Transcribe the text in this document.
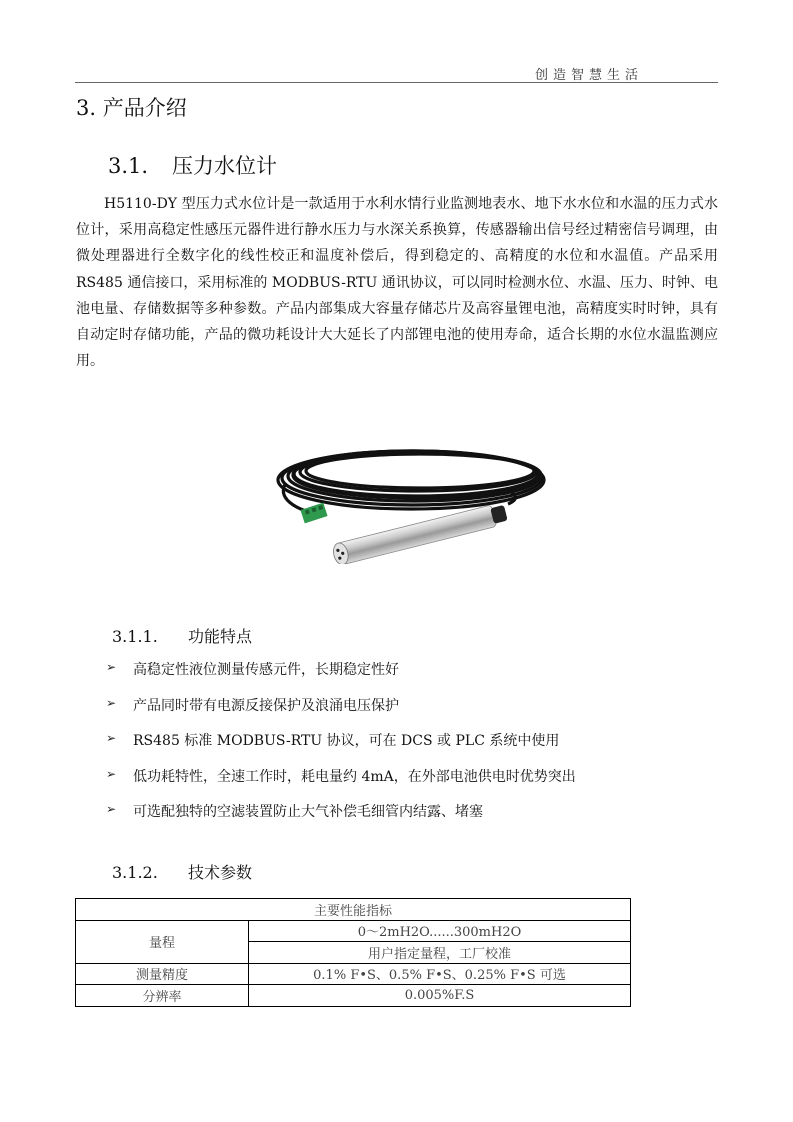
创造智慧生活
3. 产品介绍
3.1. 压力水位计

H5110-DY 型压力式水位计是一款适用于水利水情行业监测地表水、地下水水位和水温的压力式水位计，采用高稳定性感压元器件进行静水压力与水深关系换算，传感器输出信号经过精密信号调理，由微处理器进行全数字化的线性校正和温度补偿后，得到稳定的、高精度的水位和水温值。产品采用 RS485 通信接口，采用标准的 MODBUS-RTU 通讯协议，可以同时检测水位、水温、压力、时钟、电池电量、存储数据等多种参数。产品内部集成大容量存储芯片及高容量锂电池，高精度实时时钟，具有自动定时存储功能，产品的微功耗设计大大延长了内部锂电池的使用寿命，适合长期的水位水温监测应用。

3.1.1. 功能特点
➢	高稳定性液位测量传感元件，长期稳定性好
➢	产品同时带有电源反接保护及浪涌电压保护
➢	RS485 标准 MODBUS-RTU 协议，可在 DCS 或 PLC 系统中使用
➢	低功耗特性，全速工作时，耗电量约 4mA，在外部电池供电时优势突出
➢	可选配独特的空滤装置防止大气补偿毛细管内结露、堵塞
3.1.2. 技术参数
主要性能指标	
量程	0～2mH2O......300mH2O
	用户指定量程，工厂校准
测量精度	0.1% F•S、0.5% F•S、0.25% F•S 可选
分辨率	0.005%F.S
